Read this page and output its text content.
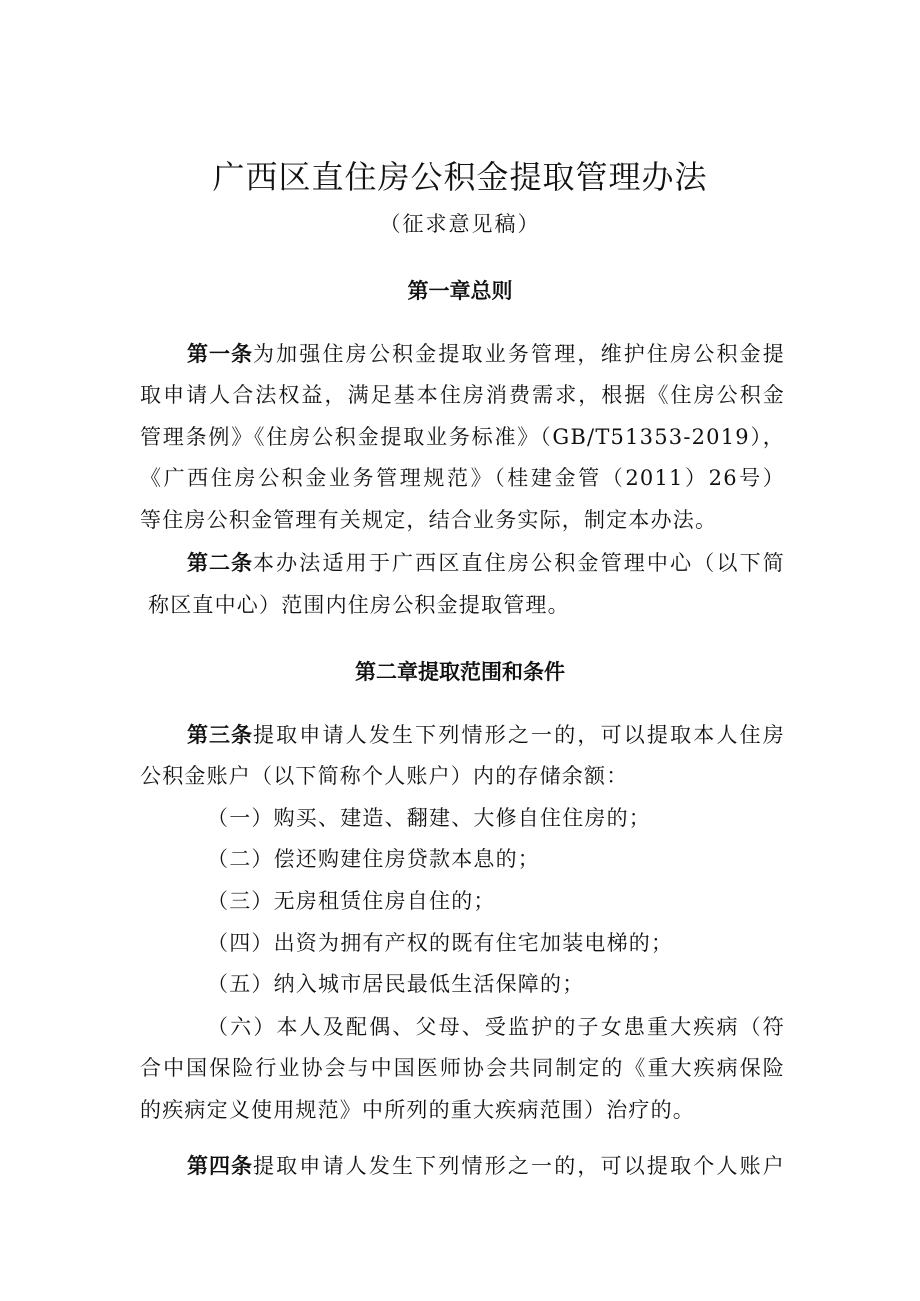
广西区直住房公积金提取管理办法
（征求意见稿）
第一章总则
第一条为加强住房公积金提取业务管理，维护住房公积金提
取申请人合法权益，满足基本住房消费需求，根据《住房公积金
管理条例》《住房公积金提取业务标准》（GB/T51353-2019），
《广西住房公积金业务管理规范》（桂建金管（2011）26号）
等住房公积金管理有关规定，结合业务实际，制定本办法。
第二条本办法适用于广西区直住房公积金管理中心（以下简
称区直中心）范围内住房公积金提取管理。
第二章提取范围和条件
第三条提取申请人发生下列情形之一的，可以提取本人住房
公积金账户（以下简称个人账户）内的存储余额：
（一）购买、建造、翻建、大修自住住房的；
（二）偿还购建住房贷款本息的；
（三）无房租赁住房自住的；
（四）出资为拥有产权的既有住宅加装电梯的；
（五）纳入城市居民最低生活保障的；
（六）本人及配偶、父母、受监护的子女患重大疾病（符
合中国保险行业协会与中国医师协会共同制定的《重大疾病保险
的疾病定义使用规范》中所列的重大疾病范围）治疗的。
第四条提取申请人发生下列情形之一的，可以提取个人账户
